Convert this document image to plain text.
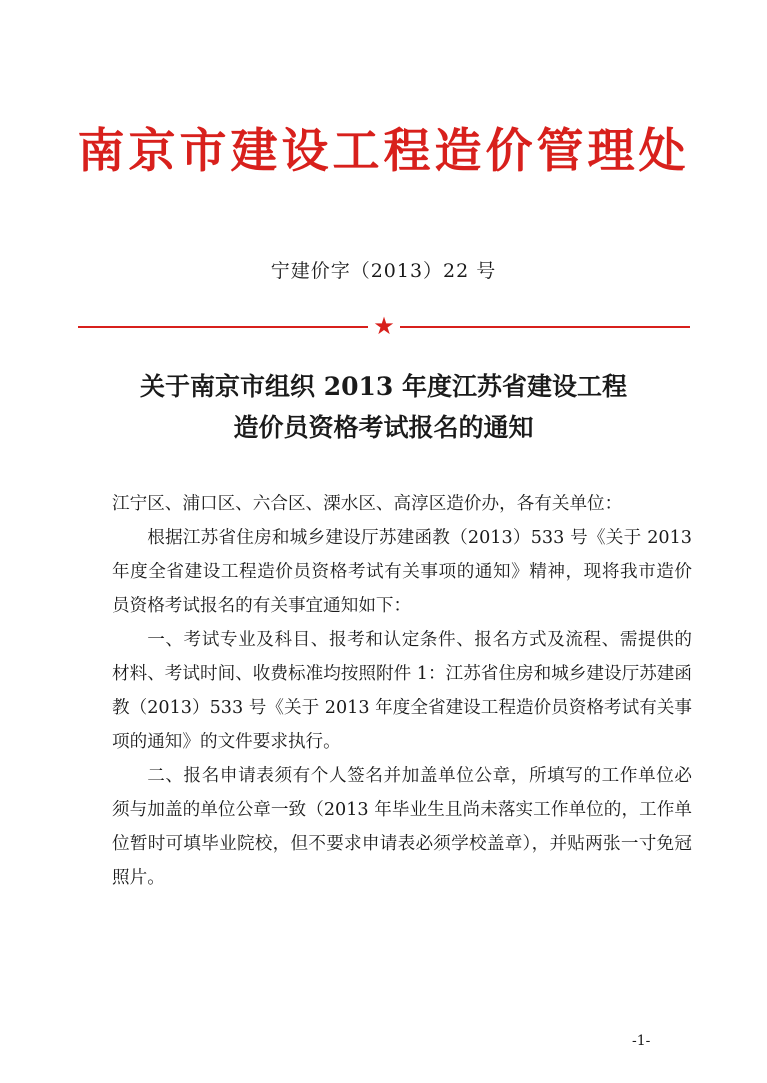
南京市建设工程造价管理处
宁建价字（2013）22 号
★
关于南京市组织 2013 年度江苏省建设工程
造价员资格考试报名的通知

江宁区、浦口区、六合区、溧水区、高淳区造价办，各有关单位：

根据江苏省住房和城乡建设厅苏建函教（2013）533 号《关于 2013 年度全省建设工程造价员资格考试有关事项的通知》精神，现将我市造价员资格考试报名的有关事宜通知如下：

一、考试专业及科目、报考和认定条件、报名方式及流程、需提供的材料、考试时间、收费标准均按照附件 1：江苏省住房和城乡建设厅苏建函教（2013）533 号《关于 2013 年度全省建设工程造价员资格考试有关事项的通知》的文件要求执行。

二、报名申请表须有个人签名并加盖单位公章，所填写的工作单位必须与加盖的单位公章一致（2013 年毕业生且尚未落实工作单位的，工作单位暂时可填毕业院校，但不要求申请表必须学校盖章），并贴两张一寸免冠照片。

-1-
